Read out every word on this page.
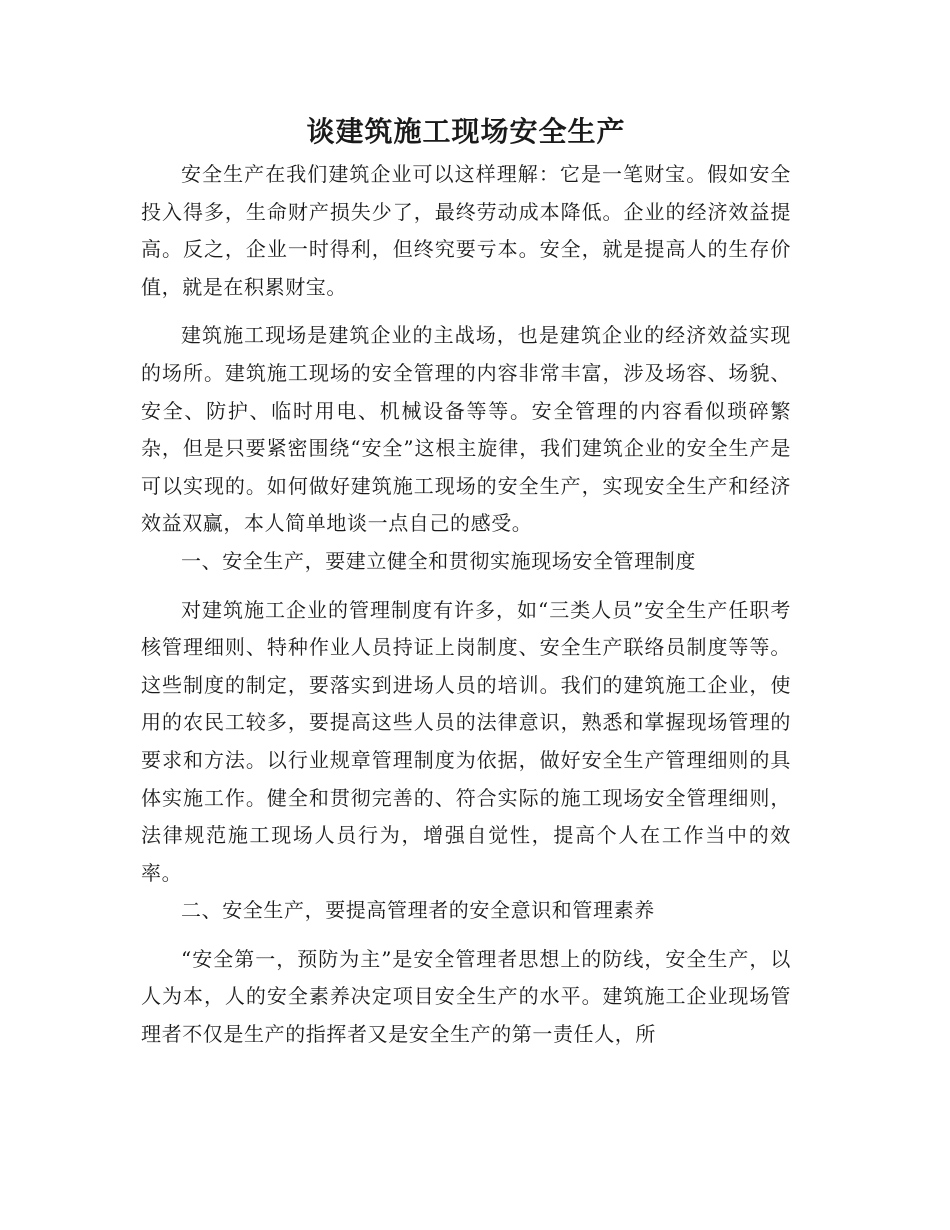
谈建筑施工现场安全生产

安全生产在我们建筑企业可以这样理解：它是一笔财宝。假如安全投入得多，生命财产损失少了，最终劳动成本降低。企业的经济效益提高。反之，企业一时得利，但终究要亏本。安全，就是提高人的生存价值，就是在积累财宝。

建筑施工现场是建筑企业的主战场，也是建筑企业的经济效益实现的场所。建筑施工现场的安全管理的内容非常丰富，涉及场容、场貌、安全、防护、临时用电、机械设备等等。安全管理的内容看似琐碎繁杂，但是只要紧密围绕“安全”这根主旋律，我们建筑企业的安全生产是可以实现的。如何做好建筑施工现场的安全生产，实现安全生产和经济效益双赢，本人简单地谈一点自己的感受。

一、安全生产，要建立健全和贯彻实施现场安全管理制度

对建筑施工企业的管理制度有许多，如“三类人员”安全生产任职考核管理细则、特种作业人员持证上岗制度、安全生产联络员制度等等。这些制度的制定，要落实到进场人员的培训。我们的建筑施工企业，使用的农民工较多，要提高这些人员的法律意识，熟悉和掌握现场管理的要求和方法。以行业规章管理制度为依据，做好安全生产管理细则的具体实施工作。健全和贯彻完善的、符合实际的施工现场安全管理细则，法律规范施工现场人员行为，增强自觉性，提高个人在工作当中的效率。

二、安全生产，要提高管理者的安全意识和管理素养

“安全第一，预防为主”是安全管理者思想上的防线，安全生产，以人为本，人的安全素养决定项目安全生产的水平。建筑施工企业现场管理者不仅是生产的指挥者又是安全生产的第一责任人，所
